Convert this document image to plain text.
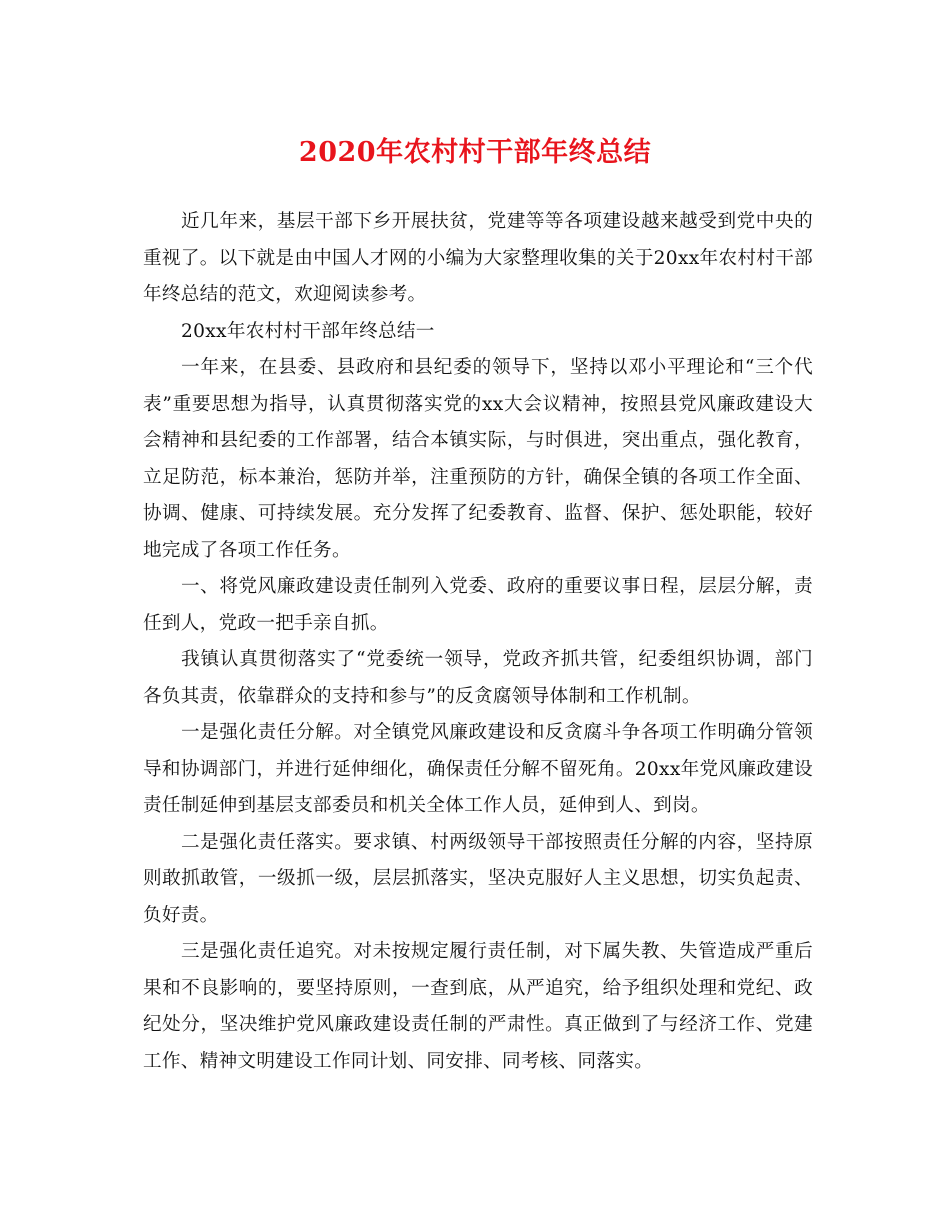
2020年农村村干部年终总结

近几年来，基层干部下乡开展扶贫，党建等等各项建设越来越受到党中央的重视了。以下就是由中国人才网的小编为大家整理收集的关于20xx年农村村干部年终总结的范文，欢迎阅读参考。

20xx年农村村干部年终总结一

一年来，在县委、县政府和县纪委的领导下，坚持以邓小平理论和“三个代表”重要思想为指导，认真贯彻落实党的xx大会议精神，按照县党风廉政建设大会精神和县纪委的工作部署，结合本镇实际，与时俱进，突出重点，强化教育，立足防范，标本兼治，惩防并举，注重预防的方针，确保全镇的各项工作全面、协调、健康、可持续发展。充分发挥了纪委教育、监督、保护、惩处职能，较好地完成了各项工作任务。

一、将党风廉政建设责任制列入党委、政府的重要议事日程，层层分解，责任到人，党政一把手亲自抓。

我镇认真贯彻落实了“党委统一领导，党政齐抓共管，纪委组织协调，部门各负其责，依靠群众的支持和参与”的反贪腐领导体制和工作机制。

一是强化责任分解。对全镇党风廉政建设和反贪腐斗争各项工作明确分管领导和协调部门，并进行延伸细化，确保责任分解不留死角。20xx年党风廉政建设责任制延伸到基层支部委员和机关全体工作人员，延伸到人、到岗。

二是强化责任落实。要求镇、村两级领导干部按照责任分解的内容，坚持原则敢抓敢管，一级抓一级，层层抓落实，坚决克服好人主义思想，切实负起责、负好责。

三是强化责任追究。对未按规定履行责任制，对下属失教、失管造成严重后果和不良影响的，要坚持原则，一查到底，从严追究，给予组织处理和党纪、政纪处分，坚决维护党风廉政建设责任制的严肃性。真正做到了与经济工作、党建工作、精神文明建设工作同计划、同安排、同考核、同落实。
